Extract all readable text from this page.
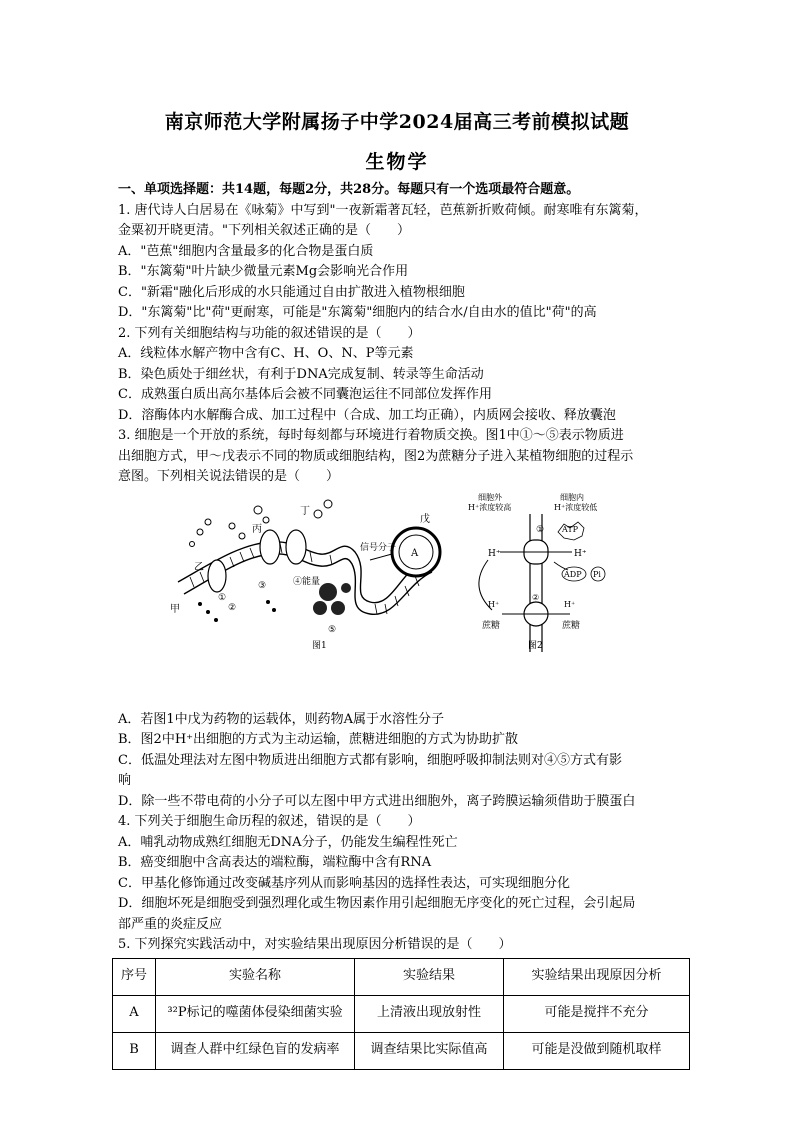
南京师范大学附属扬子中学2024届高三考前模拟试题
生物学
一、单项选择题：共14题，每题2分，共28分。每题只有一个选项最符合题意。
1. 唐代诗人白居易在《咏菊》中写到"一夜新霜著瓦轻，芭蕉新折败荷倾。耐寒唯有东篱菊，
金粟初开晓更清。"下列相关叙述正确的是（　　）
A．"芭蕉"细胞内含量最多的化合物是蛋白质
B．"东篱菊"叶片缺少微量元素Mg会影响光合作用
C．"新霜"融化后形成的水只能通过自由扩散进入植物根细胞
D．"东篱菊"比"荷"更耐寒，可能是"东篱菊"细胞内的结合水/自由水的值比"荷"的高
2. 下列有关细胞结构与功能的叙述错误的是（　　）
A．线粒体水解产物中含有C、H、O、N、P等元素
B．染色质处于细丝状，有利于DNA完成复制、转录等生命活动
C．成熟蛋白质出高尔基体后会被不同囊泡运往不同部位发挥作用
D．溶酶体内水解酶合成、加工过程中（合成、加工均正确），内质网会接收、释放囊泡
3. 细胞是一个开放的系统，每时每刻都与环境进行着物质交换。图1中①～⑤表示物质进
出细胞方式，甲～戊表示不同的物质或细胞结构，图2为蔗糖分子进入某植物细胞的过程示
意图。下列相关说法错误的是（　　）
甲
乙
丙
丁
戊
信号分子
④能量
A
①
②
③
⑤
图1
细胞外
H⁺浓度较高
细胞内
H⁺浓度较低
①
H⁺	H⁺
ATP
ADP Pi
H⁺	H⁺
②
蔗糖	蔗糖
图2
A．若图1中戊为药物的运载体，则药物A属于水溶性分子
B．图2中H⁺出细胞的方式为主动运输，蔗糖进细胞的方式为协助扩散
C．低温处理法对左图中物质进出细胞方式都有影响，细胞呼吸抑制法则对④⑤方式有影
响
D．除一些不带电荷的小分子可以左图中甲方式进出细胞外，离子跨膜运输须借助于膜蛋白
4. 下列关于细胞生命历程的叙述，错误的是（　　）
A．哺乳动物成熟红细胞无DNA分子，仍能发生编程性死亡
B．癌变细胞中含高表达的端粒酶，端粒酶中含有RNA
C．甲基化修饰通过改变碱基序列从而影响基因的选择性表达，可实现细胞分化
D．细胞坏死是细胞受到强烈理化或生物因素作用引起细胞无序变化的死亡过程，会引起局
部严重的炎症反应
5. 下列探究实践活动中，对实验结果出现原因分析错误的是（　　）
序号	实验名称	实验结果	实验结果出现原因分析
A	³²P标记的噬菌体侵染细菌实验	上清液出现放射性	可能是搅拌不充分
B	调查人群中红绿色盲的发病率	调查结果比实际值高	可能是没做到随机取样
